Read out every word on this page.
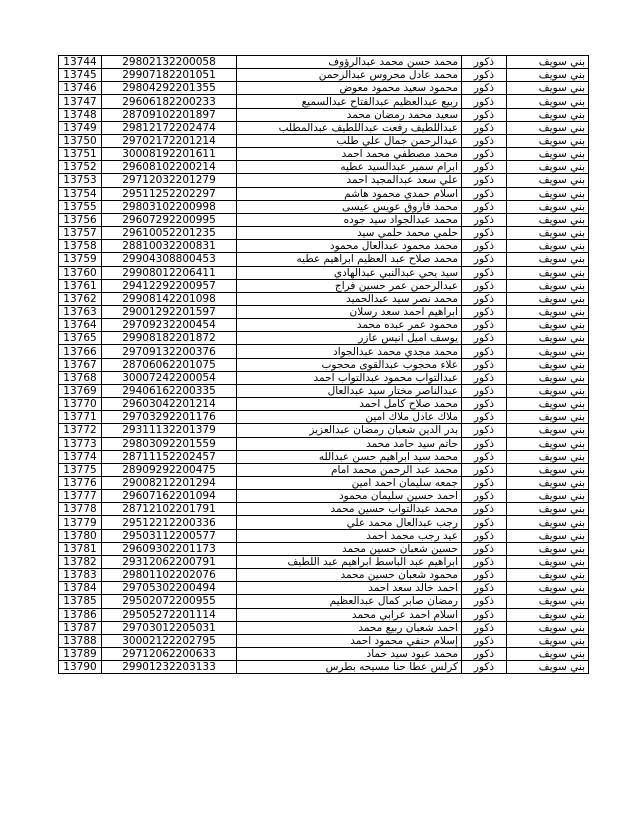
13744	29802132200058	محمد حسن محمد عبدالرؤوف	ذكور	بني سويف
13745	29907182201051	محمد عادل محروس عبدالرحمن	ذكور	بني سويف
13746	29804292201355	محمود سعيد محمود معوض	ذكور	بني سويف
13747	29606182200233	ربيع عبدالعظيم عبدالفتاح عبدالسميع	ذكور	بني سويف
13748	28709102201897	سعيد محمد رمضان محمد	ذكور	بني سويف
13749	29812172202474	عبداللطيف رفعت عبداللطيف عبدالمطلب	ذكور	بني سويف
13750	29702172201214	عبدالرحمن جمال علي طلب	ذكور	بني سويف
13751	30008192201611	محمد مصطفي محمد احمد	ذكور	بني سويف
13752	29608102200214	ابرام سمير عبدالسيد عطيه	ذكور	بني سويف
13753	29712032201279	علي سعد عبدالمجيد احمد	ذكور	بني سويف
13754	29511252202297	اسلام حمدي محمود هاشم	ذكور	بني سويف
13755	29803102200998	محمد فاروق عويس عيسى	ذكور	بني سويف
13756	29607292200995	محمد عبدالجواد سيد جوده	ذكور	بني سويف
13757	29610052201235	حلمي محمد حلمي سيد	ذكور	بني سويف
13758	28810032200831	محمد محمود عبدالعال محمود	ذكور	بني سويف
13759	29904308800453	محمد صلاح عبد العظيم ابراهيم عطيه	ذكور	بني سويف
13760	29908012206411	سيد يحي عبدالنبي عبدالهادي	ذكور	بني سويف
13761	29412292200957	عبدالرحمن عمر حسين فراج	ذكور	بني سويف
13762	29908142201098	محمد نصر سيد عبدالحميد	ذكور	بني سويف
13763	29001292201597	ابراهيم احمد سعد رسلان	ذكور	بني سويف
13764	29709232200454	محمود عمر عبده محمد	ذكور	بني سويف
13765	29908182201872	يوسف اميل انيس عازر	ذكور	بني سويف
13766	29709132200376	محمد مجدي محمد عبدالجواد	ذكور	بني سويف
13767	28706062201075	علاء محجوب عبدالقوى محجوب	ذكور	بني سويف
13768	30007242200054	عبدالتواب محمود عبدالتواب احمد	ذكور	بني سويف
13769	29406162200335	عبدالناصر مختار سيد عبدالعال	ذكور	بني سويف
13770	29603042201214	محمد صلاح كامل احمد	ذكور	بني سويف
13771	29703292201176	ملاك عادل ملاك امين	ذكور	بني سويف
13772	29311132201379	بدر الدين شعبان رمضان عبدالعزيز	ذكور	بني سويف
13773	29803092201559	حاتم سيد حامد محمد	ذكور	بني سويف
13774	28711152202457	محمد سيد ابراهيم حسن عبدالله	ذكور	بني سويف
13775	28909292200475	محمد عبد الرحمن محمد امام	ذكور	بني سويف
13776	29008212201294	جمعه سليمان احمد امين	ذكور	بني سويف
13777	29607162201094	احمد حسين سليمان محمود	ذكور	بني سويف
13778	28712102201791	محمد عبدالتواب حسين محمد	ذكور	بني سويف
13779	29512212200336	رجب عبدالعال محمد علي	ذكور	بني سويف
13780	29503112200577	عيد رجب محمد احمد	ذكور	بني سويف
13781	29609302201173	حسين شعبان حسين محمد	ذكور	بني سويف
13782	29312062200791	ابراهيم عبد الباسط ابراهيم عبد اللطيف	ذكور	بني سويف
13783	29801102202076	محمود شعبان حسين محمد	ذكور	بني سويف
13784	29705302200494	احمد خالد سعد احمد	ذكور	بني سويف
13785	29502072200955	رمضان صابر كمال عبدالعظيم	ذكور	بني سويف
13786	29505272201114	اسلام احمد عرابي محمد	ذكور	بني سويف
13787	29703012205031	احمد شعبان ربيع محمد	ذكور	بني سويف
13788	30002122202795	إسلام حنفي محمود احمد	ذكور	بني سويف
13789	29712062200633	محمد عبود سيد حماد	ذكور	بني سويف
13790	29901232203133	كرلس عطا حنا مسيحه بطرس	ذكور	بني سويف
